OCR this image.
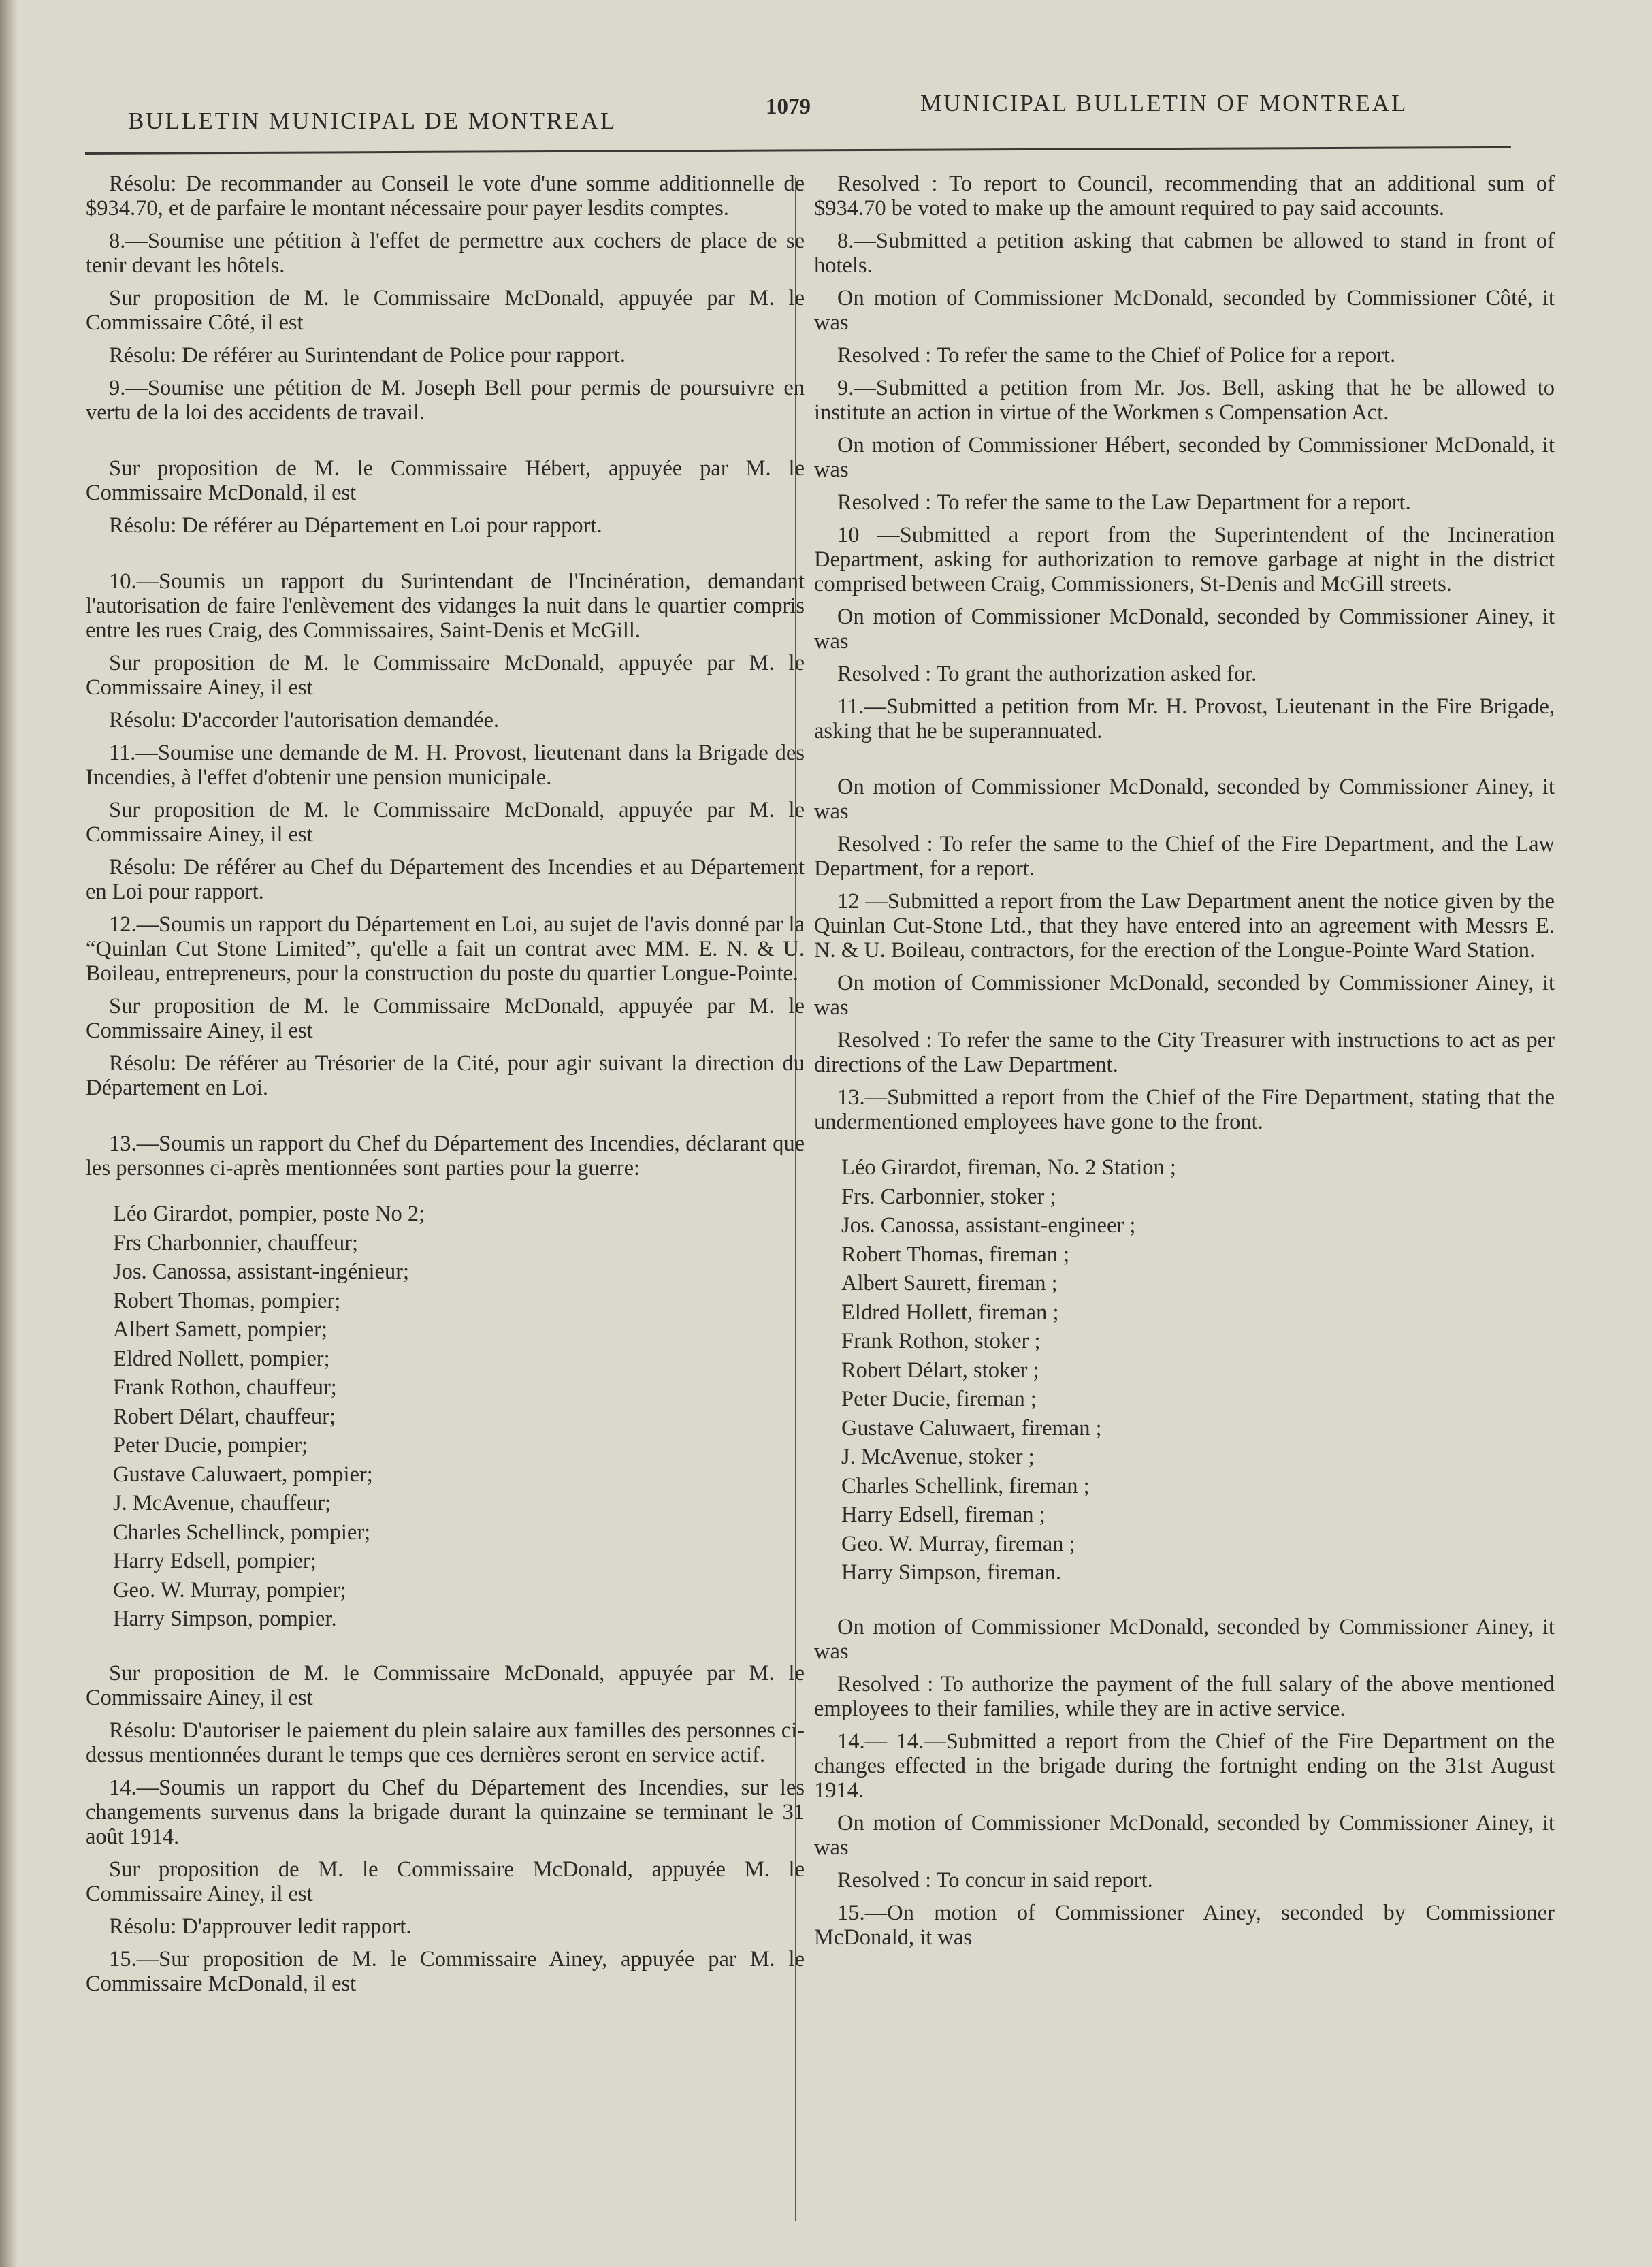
BULLETIN MUNICIPAL DE MONTREAL
1079	MUNICIPAL BULLETIN OF MONTREAL

Résolu: De recommander au Conseil le vote d'une somme additionnelle de $934.70, et de parfaire le montant nécessaire pour payer lesdits comptes.

8.—Soumise une pétition à l'effet de permettre aux cochers de place de se tenir devant les hôtels.

Sur proposition de M. le Commissaire McDonald, appuyée par M. le Commissaire Côté, il est

Résolu: De référer au Surintendant de Police pour rapport.

9.—Soumise une pétition de M. Joseph Bell pour permis de poursuivre en vertu de la loi des accidents de travail.

Sur proposition de M. le Commissaire Hébert, appuyée par M. le Commissaire McDonald, il est

Résolu: De référer au Département en Loi pour rapport.

10.—Soumis un rapport du Surintendant de l'Incinération, demandant l'autorisation de faire l'enlèvement des vidanges la nuit dans le quartier compris entre les rues Craig, des Commissaires, Saint-Denis et McGill.

Sur proposition de M. le Commissaire McDonald, appuyée par M. le Commissaire Ainey, il est

Résolu: D'accorder l'autorisation demandée.

11.—Soumise une demande de M. H. Provost, lieutenant dans la Brigade des Incendies, à l'effet d'obtenir une pension municipale.

Sur proposition de M. le Commissaire McDonald, appuyée par M. le Commissaire Ainey, il est

Résolu: De référer au Chef du Département des Incendies et au Département en Loi pour rapport.

12.—Soumis un rapport du Département en Loi, au sujet de l'avis donné par la “Quinlan Cut Stone Limited”, qu'elle a fait un contrat avec MM. E. N. & U. Boileau, entrepreneurs, pour la construction du poste du quartier Longue-Pointe.

Sur proposition de M. le Commissaire McDonald, appuyée par M. le Commissaire Ainey, il est

Résolu: De référer au Trésorier de la Cité, pour agir suivant la direction du Département en Loi.

13.—Soumis un rapport du Chef du Département des Incendies, déclarant que les personnes ci-après mentionnées sont parties pour la guerre:

Léo Girardot, pompier, poste No 2;
Frs Charbonnier, chauffeur;
Jos. Canossa, assistant-ingénieur;
Robert Thomas, pompier;
Albert Samett, pompier;
Eldred Nollett, pompier;
Frank Rothon, chauffeur;
Robert Délart, chauffeur;
Peter Ducie, pompier;
Gustave Caluwaert, pompier;
J. McAvenue, chauffeur;
Charles Schellinck, pompier;
Harry Edsell, pompier;
Geo. W. Murray, pompier;
Harry Simpson, pompier.

Sur proposition de M. le Commissaire McDonald, appuyée par M. le Commissaire Ainey, il est

Résolu: D'autoriser le paiement du plein salaire aux familles des personnes ci-dessus mentionnées durant le temps que ces dernières seront en service actif.

14.—Soumis un rapport du Chef du Département des Incendies, sur les changements survenus dans la brigade durant la quinzaine se terminant le 31 août 1914.

Sur proposition de M. le Commissaire McDonald, appuyée M. le Commissaire Ainey, il est

Résolu: D'approuver ledit rapport.

15.—Sur proposition de M. le Commissaire Ainey, appuyée par M. le Commissaire McDonald, il est

Resolved : To report to Council, recommending that an additional sum of $934.70 be voted to make up the amount required to pay said accounts.

8.—Submitted a petition asking that cabmen be allowed to stand in front of hotels.

On motion of Commissioner McDonald, seconded by Commissioner Côté, it was

Resolved : To refer the same to the Chief of Police for a report.

9.—Submitted a petition from Mr. Jos. Bell, asking that he be allowed to institute an action in virtue of the Workmen s Compensation Act.

On motion of Commissioner Hébert, seconded by Commissioner McDonald, it was

Resolved : To refer the same to the Law Department for a report.

10 —Submitted a report from the Superintendent of the Incineration Department, asking for authorization to remove garbage at night in the district comprised between Craig, Commissioners, St-Denis and McGill streets.

On motion of Commissioner McDonald, seconded by Commissioner Ainey, it was

Resolved : To grant the authorization asked for.

11.—Submitted a petition from Mr. H. Provost, Lieutenant in the Fire Brigade, asking that he be superannuated.

On motion of Commissioner McDonald, seconded by Commissioner Ainey, it was

Resolved : To refer the same to the Chief of the Fire Department, and the Law Department, for a report.

12 —Submitted a report from the Law Department anent the notice given by the Quinlan Cut-Stone Ltd., that they have entered into an agreement with Messrs E. N. & U. Boileau, contractors, for the erection of the Longue-Pointe Ward Station.

On motion of Commissioner McDonald, seconded by Commissioner Ainey, it was

Resolved : To refer the same to the City Treasurer with instructions to act as per directions of the Law Department.

13.—Submitted a report from the Chief of the Fire Department, stating that the undermentioned employees have gone to the front.

Léo Girardot, fireman, No. 2 Station ;
Frs. Carbonnier, stoker ;
Jos. Canossa, assistant-engineer ;
Robert Thomas, fireman ;
Albert Saurett, fireman ;
Eldred Hollett, fireman ;
Frank Rothon, stoker ;
Robert Délart, stoker ;
Peter Ducie, fireman ;
Gustave Caluwaert, fireman ;
J. McAvenue, stoker ;
Charles Schellink, fireman ;
Harry Edsell, fireman ;
Geo. W. Murray, fireman ;
Harry Simpson, fireman.

On motion of Commissioner McDonald, seconded by Commissioner Ainey, it was

Resolved : To authorize the payment of the full salary of the above mentioned employees to their families, while they are in active service.

14.— 14.—Submitted a report from the Chief of the Fire Department on the changes effected in the brigade during the fortnight ending on the 31st August 1914.

On motion of Commissioner McDonald, seconded by Commissioner Ainey, it was

Resolved : To concur in said report.

15.—On motion of Commissioner Ainey, seconded by Commissioner McDonald, it was
